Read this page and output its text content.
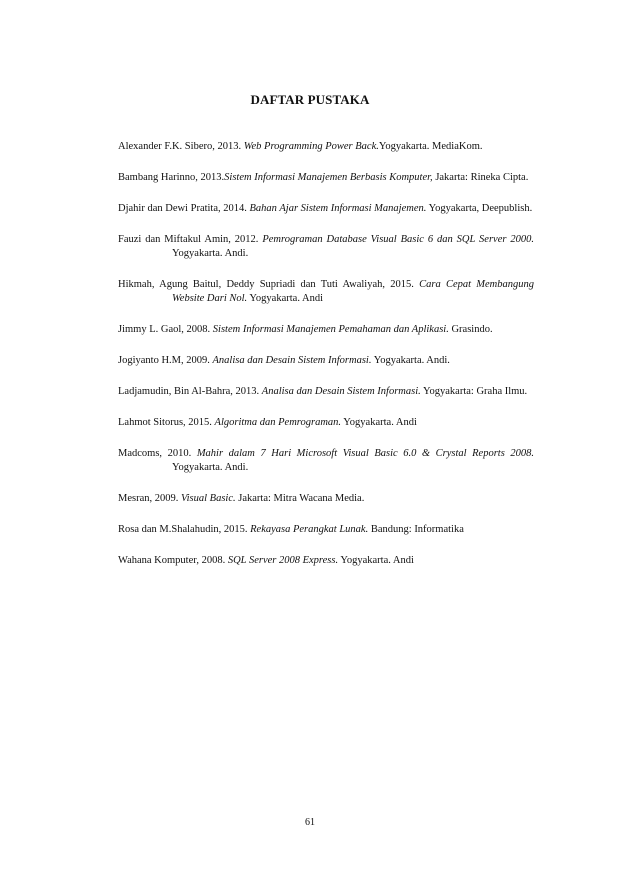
DAFTAR PUSTAKA

Alexander F.K. Sibero, 2013. Web Programming Power Back.Yogyakarta. MediaKom.

Bambang Harinno, 2013.Sistem Informasi Manajemen Berbasis Komputer, Jakarta: Rineka Cipta.

Djahir dan Dewi Pratita, 2014. Bahan Ajar Sistem Informasi Manajemen. Yogyakarta, Deepublish.

Fauzi dan Miftakul Amin, 2012. Pemrograman Database Visual Basic 6 dan SQL Server 2000. Yogyakarta. Andi.

Hikmah, Agung Baitul, Deddy Supriadi dan Tuti Awaliyah, 2015. Cara Cepat Membangung Website Dari Nol. Yogyakarta. Andi

Jimmy L. Gaol, 2008. Sistem Informasi Manajemen Pemahaman dan Aplikasi. Grasindo.

Jogiyanto H.M, 2009. Analisa dan Desain Sistem Informasi. Yogyakarta. Andi.

Ladjamudin, Bin Al-Bahra, 2013. Analisa dan Desain Sistem Informasi. Yogyakarta: Graha Ilmu.

Lahmot Sitorus, 2015. Algoritma dan Pemrograman. Yogyakarta. Andi

Madcoms, 2010. Mahir dalam 7 Hari Microsoft Visual Basic 6.0 & Crystal Reports 2008. Yogyakarta. Andi.

Mesran, 2009. Visual Basic. Jakarta: Mitra Wacana Media.

Rosa dan M.Shalahudin, 2015. Rekayasa Perangkat Lunak. Bandung: Informatika

Wahana Komputer, 2008. SQL Server 2008 Express. Yogyakarta. Andi

61
